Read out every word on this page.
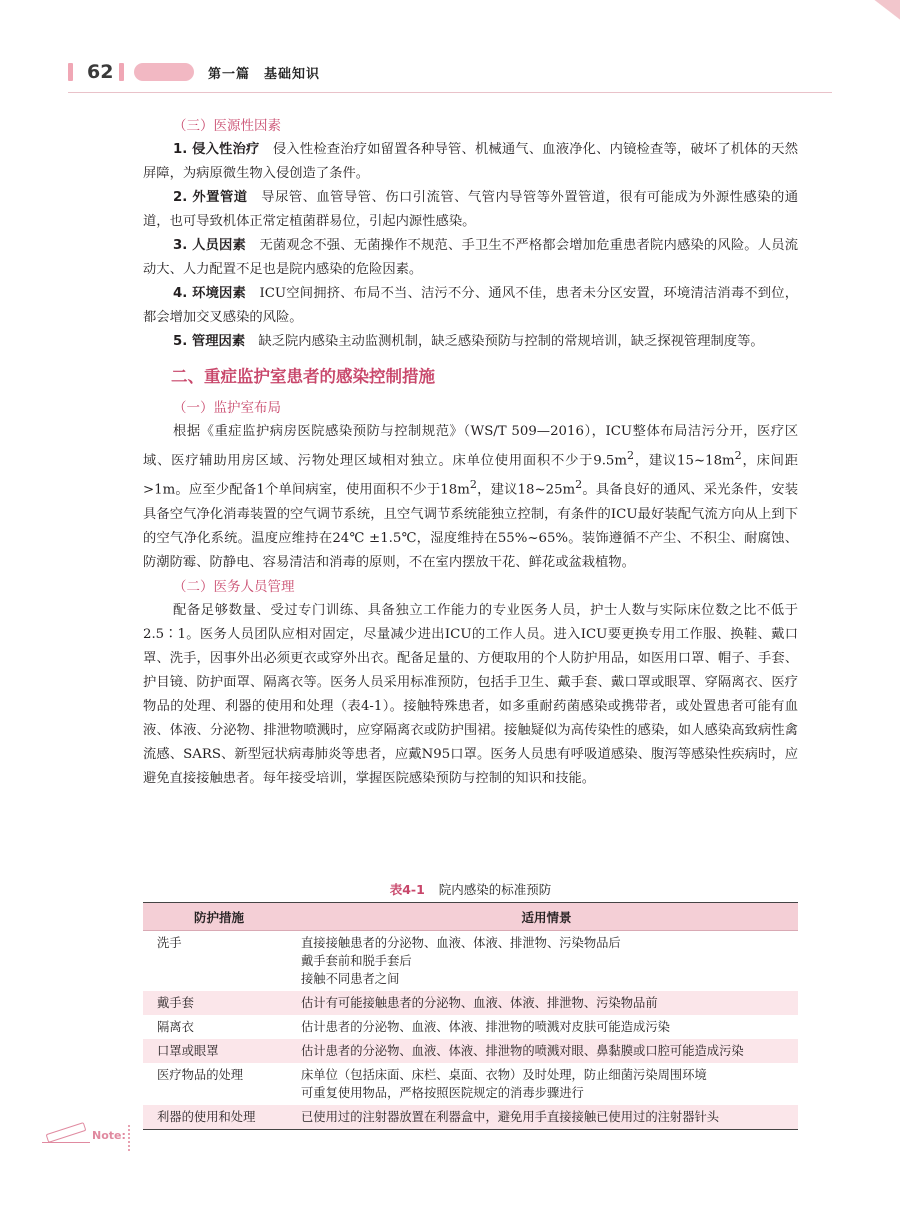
62	第一篇　基础知识
（三）医源性因素

1. 侵入性治疗　 侵入性检查治疗如留置各种导管、机械通气、血液净化、内镜检查等，破坏了机体的天然屏障，为病原微生物入侵创造了条件。

2. 外置管道　 导尿管、血管导管、伤口引流管、气管内导管等外置管道，很有可能成为外源性感染的通道，也可导致机体正常定植菌群易位，引起内源性感染。

3. 人员因素　 无菌观念不强、无菌操作不规范、手卫生不严格都会增加危重患者院内感染的风险。人员流动大、人力配置不足也是院内感染的危险因素。

4. 环境因素　 ICU空间拥挤、布局不当、洁污不分、通风不佳，患者未分区安置，环境清洁消毒不到位，都会增加交叉感染的风险。

5. 管理因素　 缺乏院内感染主动监测机制，缺乏感染预防与控制的常规培训，缺乏探视管理制度等。

二、重症监护室患者的感染控制措施
（一）监护室布局

根据《重症监护病房医院感染预防与控制规范》（WS/T 509—2016），ICU整体布局洁污分开，医疗区域、医疗辅助用房区域、污物处理区域相对独立。床单位使用面积不少于$9.5m^2$，建议$15\sim 18m^2$，床间距>1m。应至少配备1个单间病室，使用面积不少于$18m^2$，建议$18\sim 25m^2$。具备良好的通风、采光条件，安装具备空气净化消毒装置的空气调节系统，且空气调节系统能独立控制，有条件的ICU最好装配气流方向从上到下的空气净化系统。温度应维持在24℃ ±1.5℃，湿度维持在55%~65%。装饰遵循不产尘、不积尘、耐腐蚀、防潮防霉、防静电、容易清洁和消毒的原则，不在室内摆放干花、鲜花或盆栽植物。

（二）医务人员管理

配备足够数量、受过专门训练、具备独立工作能力的专业医务人员，护士人数与实际床位数之比不低于2.5∶1。医务人员团队应相对固定，尽量减少进出ICU的工作人员。进入ICU要更换专用工作服、换鞋、戴口罩、洗手，因事外出必须更衣或穿外出衣。配备足量的、方便取用的个人防护用品，如医用口罩、帽子、手套、护目镜、防护面罩、隔离衣等。医务人员采用标准预防，包括手卫生、戴手套、戴口罩或眼罩、穿隔离衣、医疗物品的处理、利器的使用和处理（表4-1）。接触特殊患者，如多重耐药菌感染或携带者，或处置患者可能有血液、体液、分泌物、排泄物喷溅时，应穿隔离衣或防护围裙。接触疑似为高传染性的感染，如人感染高致病性禽流感、SARS、新型冠状病毒肺炎等患者，应戴N95口罩。医务人员患有呼吸道感染、腹泻等感染性疾病时，应避免直接接触患者。每年接受培训，掌握医院感染预防与控制的知识和技能。

表4-1 院内感染的标准预防
防护措施	适用情景
洗手	直接接触患者的分泌物、血液、体液、排泄物、污染物品后
戴手套前和脱手套后
接触不同患者之间

戴手套	估计有可能接触患者的分泌物、血液、体液、排泄物、污染物品前

隔离衣	估计患者的分泌物、血液、体液、排泄物的喷溅对皮肤可能造成污染

口罩或眼罩	估计患者的分泌物、血液、体液、排泄物的喷溅对眼、鼻黏膜或口腔可能造成污染

医疗物品的处理	床单位（包括床面、床栏、桌面、衣物）及时处理，防止细菌污染周围环境
可重复使用物品，严格按照医院规定的消毒步骤进行

利器的使用和处理	已使用过的注射器放置在利器盒中，避免用手直接接触已使用过的注射器针头
Note:
